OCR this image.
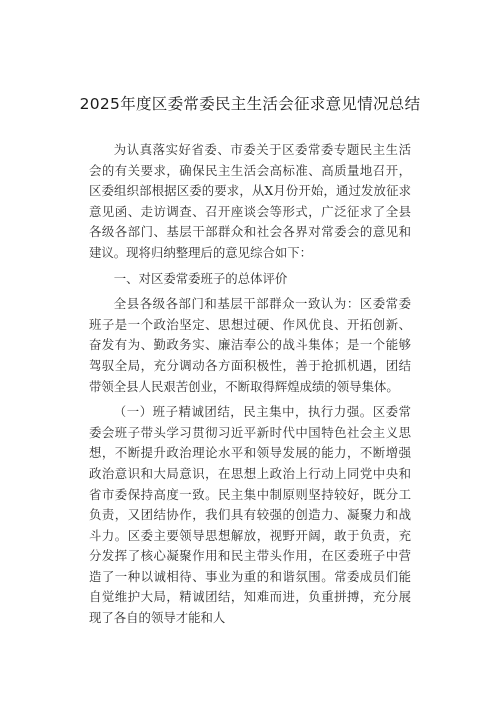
2025年度区委常委民主生活会征求意见情况总结

为认真落实好省委、市委关于区委常委专题民主生活会的有关要求，确保民主生活会高标准、高质量地召开，区委组织部根据区委的要求，从X月份开始，通过发放征求意见函、走访调查、召开座谈会等形式，广泛征求了全县各级各部门、基层干部群众和社会各界对常委会的意见和建议。现将归纳整理后的意见综合如下：

一、对区委常委班子的总体评价

全县各级各部门和基层干部群众一致认为：区委常委班子是一个政治坚定、思想过硬、作风优良、开拓创新、奋发有为、勤政务实、廉洁奉公的战斗集体；是一个能够驾驭全局，充分调动各方面积极性，善于抢抓机遇，团结带领全县人民艰苦创业，不断取得辉煌成绩的领导集体。

（一）班子精诚团结，民主集中，执行力强。区委常委会班子带头学习贯彻习近平新时代中国特色社会主义思想，不断提升政治理论水平和领导发展的能力，不断增强政治意识和大局意识，在思想上政治上行动上同党中央和省市委保持高度一致。民主集中制原则坚持较好，既分工负责，又团结协作，我们具有较强的创造力、凝聚力和战斗力。区委主要领导思想解放，视野开阔，敢于负责，充分发挥了核心凝聚作用和民主带头作用，在区委班子中营造了一种以诚相待、事业为重的和谐氛围。常委成员们能自觉维护大局，精诚团结，知难而进，负重拼搏，充分展现了各自的领导才能和人
